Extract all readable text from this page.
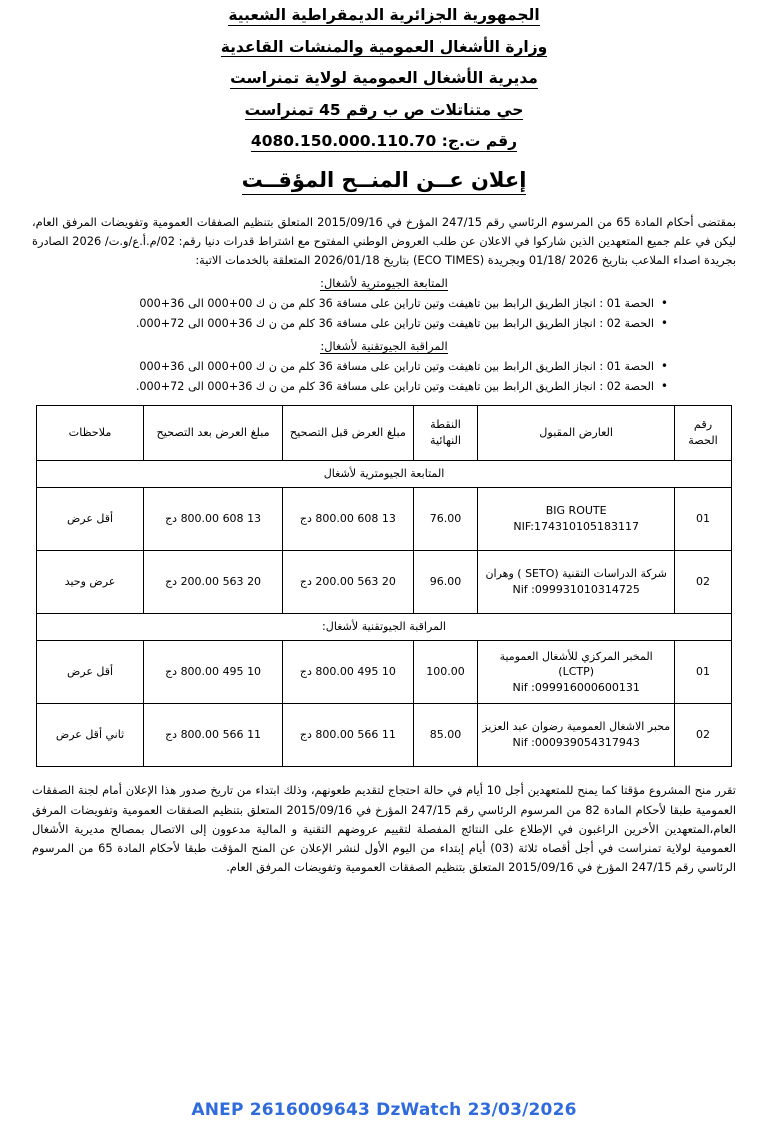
الجمهورية الجزائرية الديمقراطية الشعبية
وزارة الأشغال العمومية والمنشات القاعدية
مديرية الأشغال العمومية لولاية تمنراست
حي متناتلات ص ب رقم 45 تمنراست
رقم ت.ج: 4080.150.000.110.70
إعلان عــن المنــح المؤقــت

بمقتضى أحكام المادة 65 من المرسوم الرئاسي رقم 247/15 المؤرخ في 2015/09/16 المتعلق بتنظيم الصفقات العمومية وتفويضات المرفق العام، ليكن في علم جميع المتعهدين الذين شاركوا في الاعلان عن طلب العروض الوطني المفتوح مع اشتراط قدرات دنيا رقم: 02/م.أ.ع/و.ت/ 2026 الصادرة بجريدة اصداء الملاعب بتاريخ 2026 /01/18 وبجريدة (ECO TIMES) بتاريخ 2026/01/18 المتعلقة بالخدمات الاتية:

المتابعة الجيومترية لأشغال:
• الحصة 01 : انجاز الطريق الرابط بين تاهيفت وتين تاراين على مسافة 36 كلم من ن ك 00+000 الى 36+000
• الحصة 02 : انجاز الطريق الرابط بين تاهيفت وتين تاراين على مسافة 36 كلم من ن ك 36+000 الى 72+000.
المراقبة الجيوتقنية لأشغال:
• الحصة 01 : انجاز الطريق الرابط بين تاهيفت وتين تاراين على مسافة 36 كلم من ن ك 00+000 الى 36+000
• الحصة 02 : انجاز الطريق الرابط بين تاهيفت وتين تاراين على مسافة 36 كلم من ن ك 36+000 الى 72+000.
رقم الحصة	العارض المقبول	النقطة النهائية	مبلغ العرض قبل التصحيح	مبلغ العرض بعد التصحيح	ملاحظات
المتابعة الجيومترية لأشغال					
01	BIG ROUTE
NIF:174310105183117	76.00	13 608 800.00 دج	13 608 800.00 دج	أقل عرض
02	شركة الدراسات التقنية (SETO ) وهران
Nif :099931010314725	96.00	20 563 200.00 دج	20 563 200.00 دج	عرض وحيد
المراقبة الجيوتقنية لأشغال:					
01	المخبر المركزي للأشغال العمومية (LCTP)
Nif :099916000600131	100.00	10 495 800.00 دج	10 495 800.00 دج	أقل عرض
02	محبر الاشغال العمومية رضوان عبد العزيز
Nif :000939054317943	85.00	11 566 800.00 دج	11 566 800.00 دج	ثاني أقل عرض

تقرر منح المشروع مؤقتا كما يمنح للمتعهدين أجل 10 أيام في حالة احتجاج لتقديم طعونهم، وذلك ابتداء من تاريخ صدور هذا الإعلان أمام لجنة الصفقات العمومية طبقا لأحكام المادة 82 من المرسوم الرئاسي رقم 247/15 المؤرخ في 2015/09/16 المتعلق بتنظيم الصفقات العمومية وتفويضات المرفق العام،المتعهدين الأخرين الراغبون في الإطلاع على النتائج المفصلة لتقييم عروضهم التقنية و المالية مدعوون إلى الاتصال بمصالح مديرية الأشغال العمومية لولاية تمنراست في أجل أقصاه ثلاثة (03) أيام إبتداء من اليوم الأول لنشر الإعلان عن المنح المؤقت طبقا لأحكام المادة 65 من المرسوم الرئاسي رقم 247/15 المؤرخ في 2015/09/16 المتعلق بتنظيم الصفقات العمومية وتفويضات المرفق العام.

ANEP 2616009643 DzWatch 23/03/2026
